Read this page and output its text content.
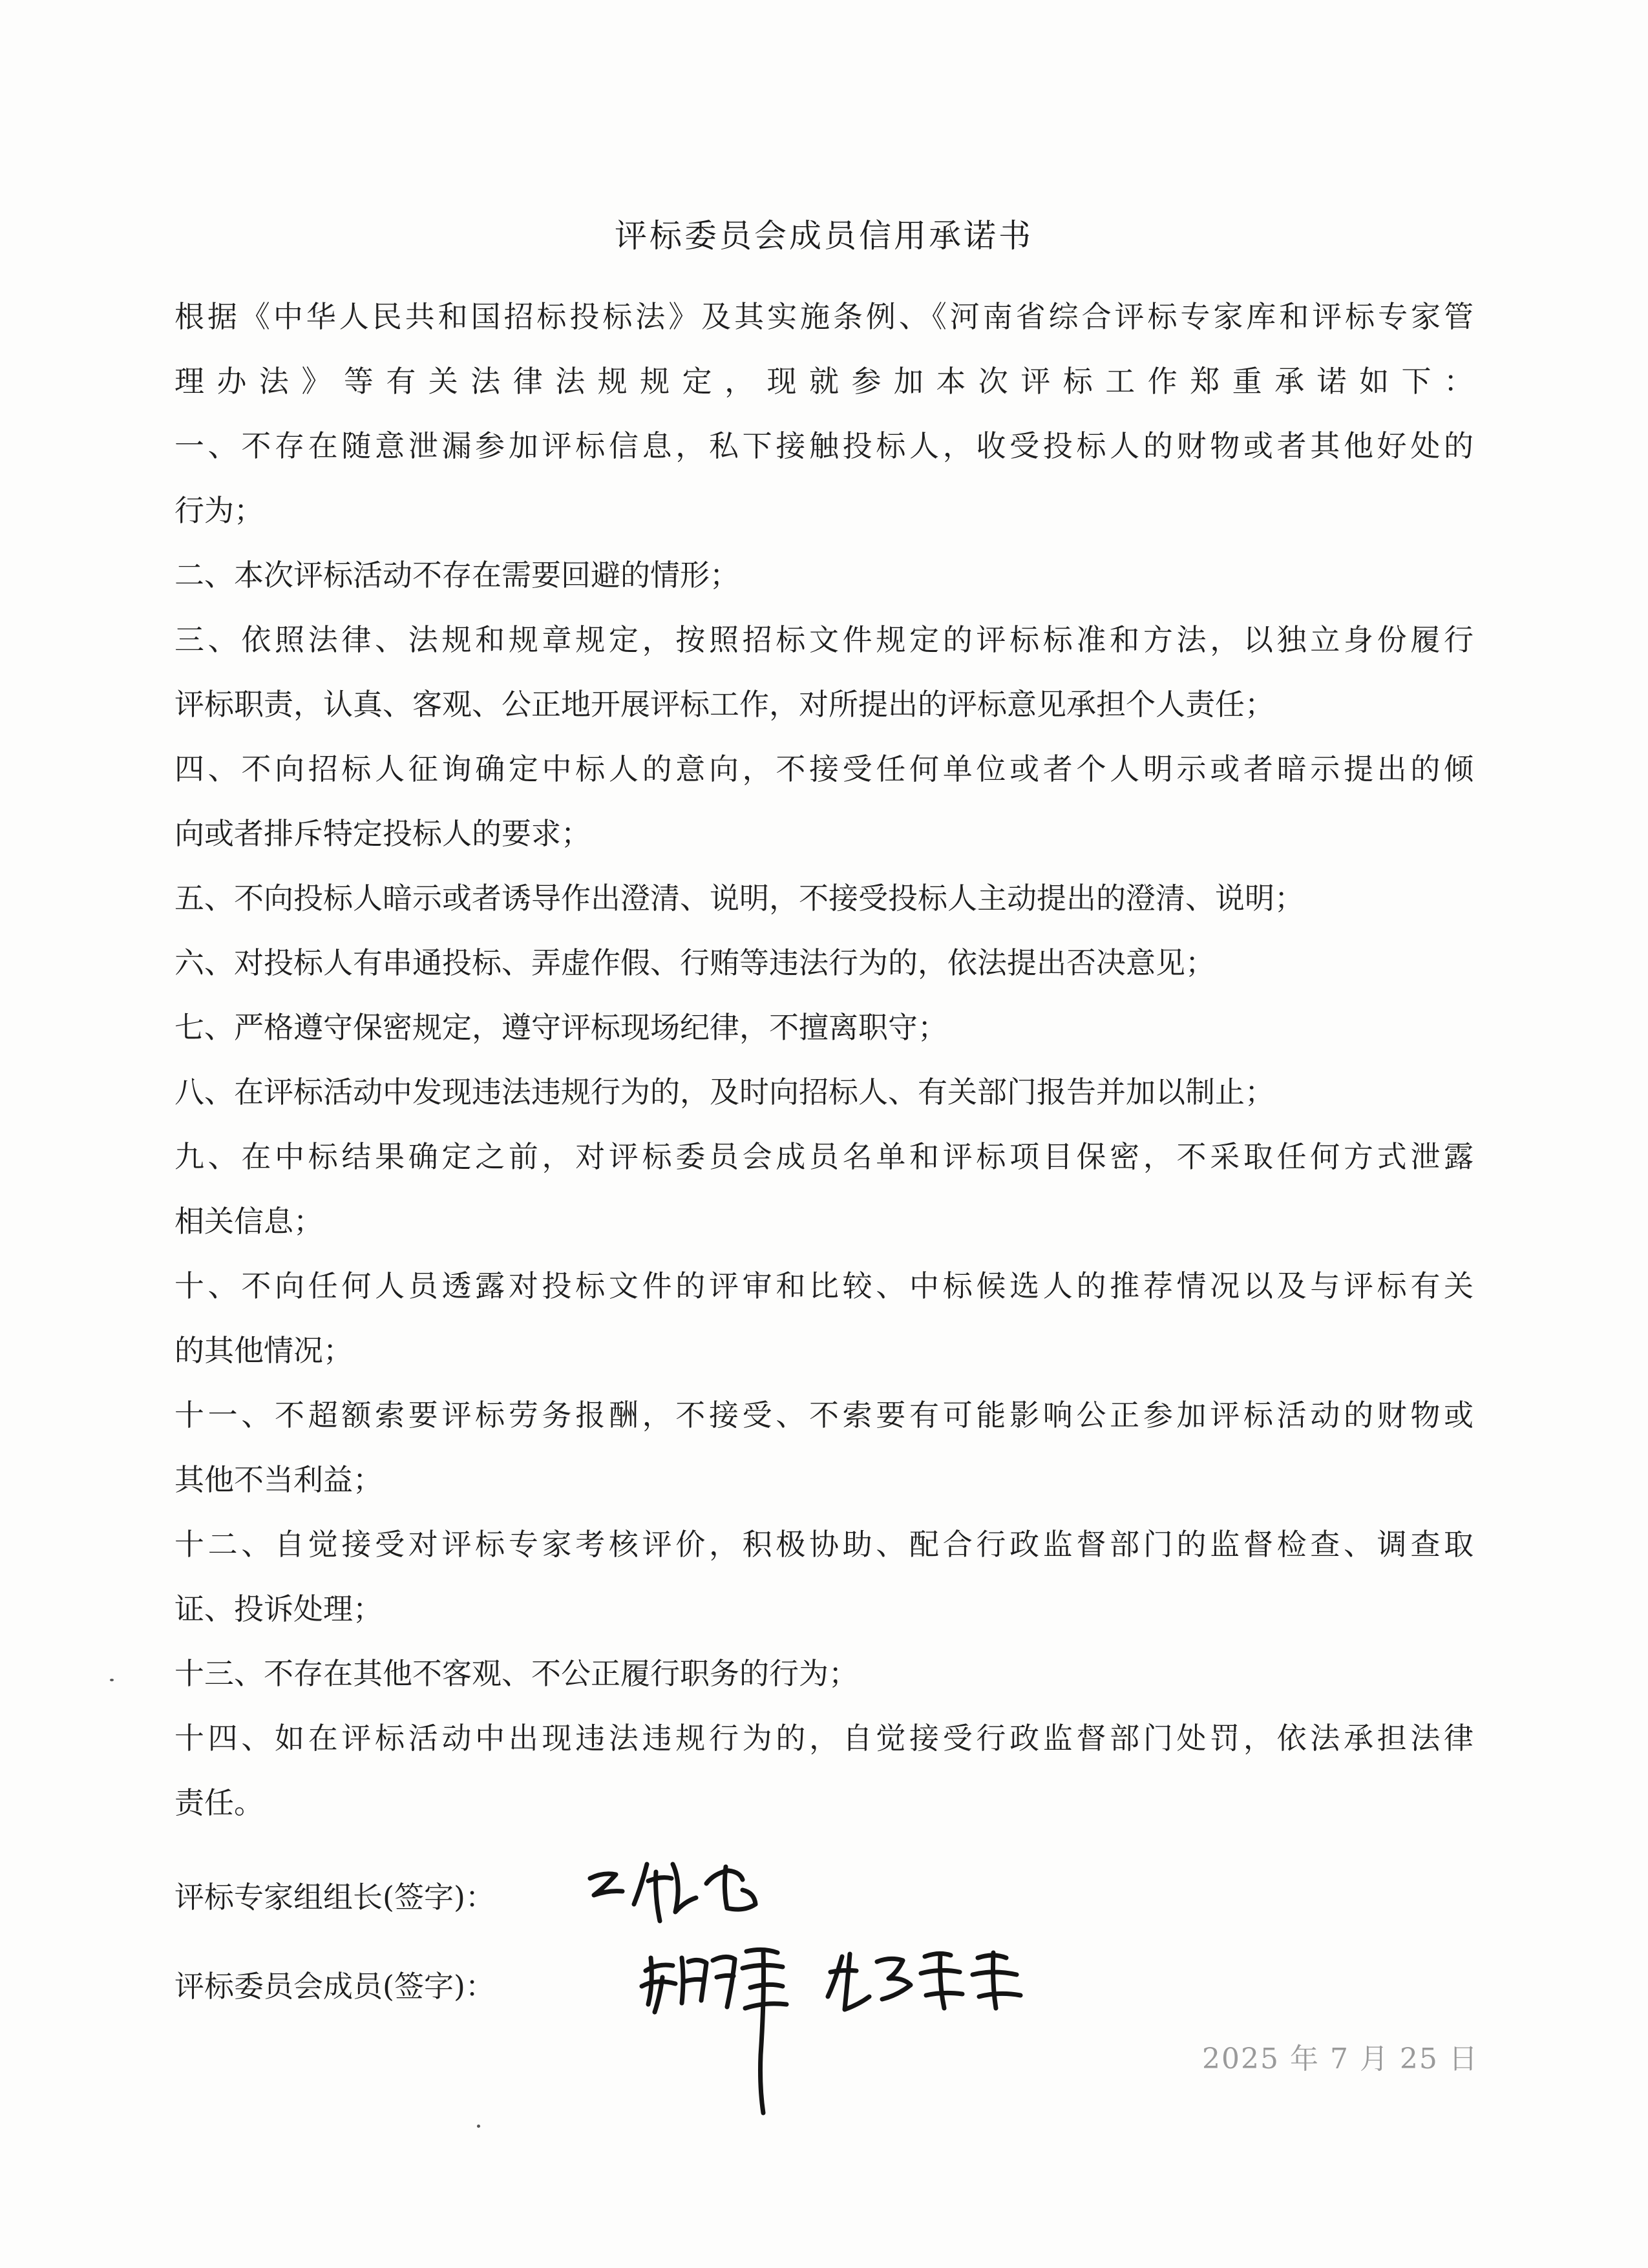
评标委员会成员信用承诺书
根据《中华人民共和国招标投标法》及其实施条例、《河南省综合评标专家库和评标专家管
理办法》等有关法律法规规定，现就参加本次评标工作郑重承诺如下：
一、不存在随意泄漏参加评标信息，私下接触投标人，收受投标人的财物或者其他好处的
行为；
二、本次评标活动不存在需要回避的情形；
三、依照法律、法规和规章规定，按照招标文件规定的评标标准和方法，以独立身份履行
评标职责，认真、客观、公正地开展评标工作，对所提出的评标意见承担个人责任；
四、不向招标人征询确定中标人的意向，不接受任何单位或者个人明示或者暗示提出的倾
向或者排斥特定投标人的要求；
五、不向投标人暗示或者诱导作出澄清、说明，不接受投标人主动提出的澄清、说明；
六、对投标人有串通投标、弄虚作假、行贿等违法行为的，依法提出否决意见；
七、严格遵守保密规定，遵守评标现场纪律，不擅离职守；
八、在评标活动中发现违法违规行为的，及时向招标人、有关部门报告并加以制止；
九、在中标结果确定之前，对评标委员会成员名单和评标项目保密，不采取任何方式泄露
相关信息；
十、不向任何人员透露对投标文件的评审和比较、中标候选人的推荐情况以及与评标有关
的其他情况；
十一、不超额索要评标劳务报酬，不接受、不索要有可能影响公正参加评标活动的财物或
其他不当利益；
十二、自觉接受对评标专家考核评价，积极协助、配合行政监督部门的监督检查、调查取
证、投诉处理；
十三、不存在其他不客观、不公正履行职务的行为；
十四、如在评标活动中出现违法违规行为的，自觉接受行政监督部门处罚，依法承担法律
责任。
评标专家组组长(签字)：
评标委员会成员(签字)：
2025 年 7 月 25 日
